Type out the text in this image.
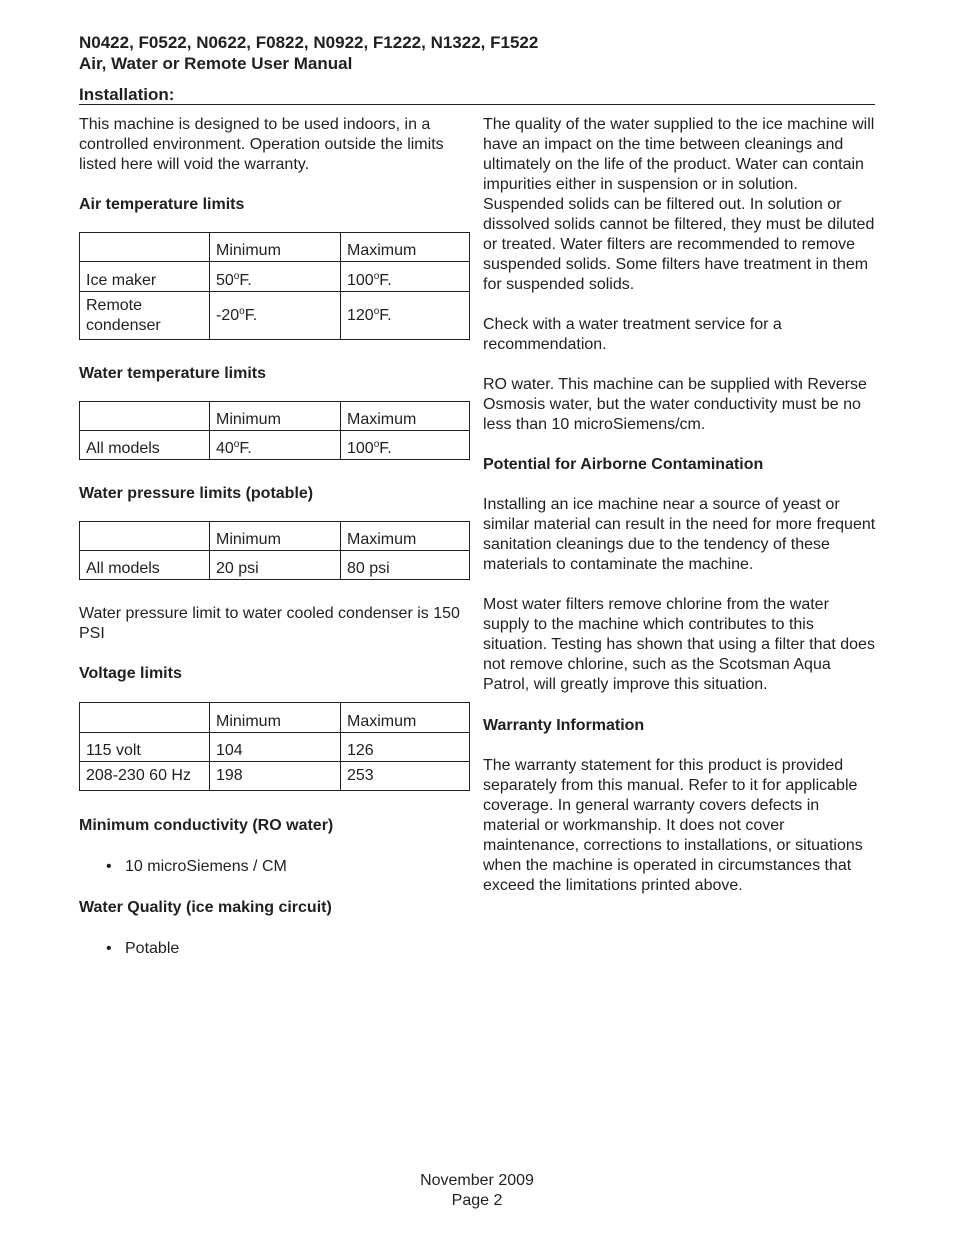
N0422, F0522, N0622, F0822, N0922, F1222, N1322, F1522
Air, Water or Remote User Manual
Installation:

This machine is designed to be used indoors, in a controlled environment. Operation outside the limits listed here will void the warranty.

Air temperature limits

	Minimum	Maximum
Ice maker	50$^o$F.	100$^o$F.
Remote condenser	-20$^o$F.	120$^o$F.

Water temperature limits

	Minimum	Maximum
All models	40$^o$F.	100$^o$F.

Water pressure limits (potable)

	Minimum	Maximum
All models	20 psi	80 psi

Water pressure limit to water cooled condenser is 150 PSI

Voltage limits

	Minimum	Maximum
115 volt	104	126
208-230 60 Hz	198	253

Minimum conductivity (RO water)

• 10 microSiemens / CM

Water Quality (ice making circuit)

• Potable

The quality of the water supplied to the ice machine will have an impact on the time between cleanings and ultimately on the life of the product. Water can contain impurities either in suspension or in solution. Suspended solids can be filtered out. In solution or dissolved solids cannot be filtered, they must be diluted or treated. Water filters are recommended to remove suspended solids. Some filters have treatment in them for suspended solids.

Check with a water treatment service for a recommendation.

RO water. This machine can be supplied with Reverse Osmosis water, but the water conductivity must be no less than 10 microSiemens/cm.

Potential for Airborne Contamination

Installing an ice machine near a source of yeast or similar material can result in the need for more frequent sanitation cleanings due to the tendency of these materials to contaminate the machine.

Most water filters remove chlorine from the water supply to the machine which contributes to this situation. Testing has shown that using a filter that does not remove chlorine, such as the Scotsman Aqua Patrol, will greatly improve this situation.

Warranty Information

The warranty statement for this product is provided separately from this manual. Refer to it for applicable coverage. In general warranty covers defects in material or workmanship. It does not cover maintenance, corrections to installations, or situations when the machine is operated in circumstances that exceed the limitations printed above.

November 2009
Page 2
